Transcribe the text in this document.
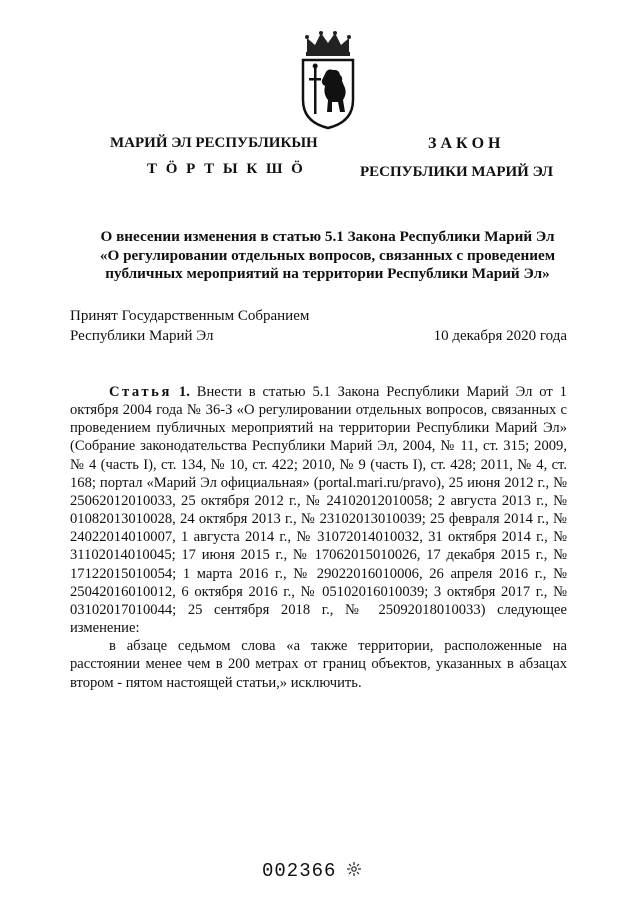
МАРИЙ ЭЛ РЕСПУБЛИКЫН
Т Ö Р Т Ы К Ш Ö
З А К О Н
РЕСПУБЛИКИ МАРИЙ ЭЛ
О внесении изменения в статью 5.1 Закона Республики Марий Эл
«О регулировании отдельных вопросов, связанных с проведением
публичных мероприятий на территории Республики Марий Эл»
Принят Государственным Собранием
Республики Марий Эл	10 декабря 2020 года

Статья 1. Внести в статью 5.1 Закона Республики Марий Эл от 1 октября 2004 года № 36-З «О регулировании отдельных вопросов, связанных с проведением публичных мероприятий на территории Республики Марий Эл» (Собрание законодательства Республики Марий Эл, 2004, № 11, ст. 315; 2009, № 4 (часть I), ст. 134, № 10, ст. 422; 2010, № 9 (часть I), ст. 428; 2011, № 4, ст. 168; портал «Марий Эл официальная» (portal.mari.ru/pravo), 25 июня 2012 г., № 25062012010033, 25 октября 2012 г., № 24102012010058; 2 августа 2013 г., № 01082013010028, 24 октября 2013 г., № 23102013010039; 25 февраля 2014 г., № 24022014010007, 1 августа 2014 г., № 31072014010032, 31 октября 2014 г., № 31102014010045; 17 июня 2015 г., № 17062015010026, 17 декабря 2015 г., № 17122015010054; 1 марта 2016 г., № 29022016010006, 26 апреля 2016 г., № 25042016010012, 6 октября 2016 г., № 05102016010039; 3 октября 2017 г., № 03102017010044; 25 сентября 2018 г., № 25092018010033) следующее изменение:

в абзаце седьмом слова «а также территории, расположенные на расстоянии менее чем в 200 метрах от границ объектов, указанных в абзацах втором - пятом настоящей статьи,» исключить.

002366
